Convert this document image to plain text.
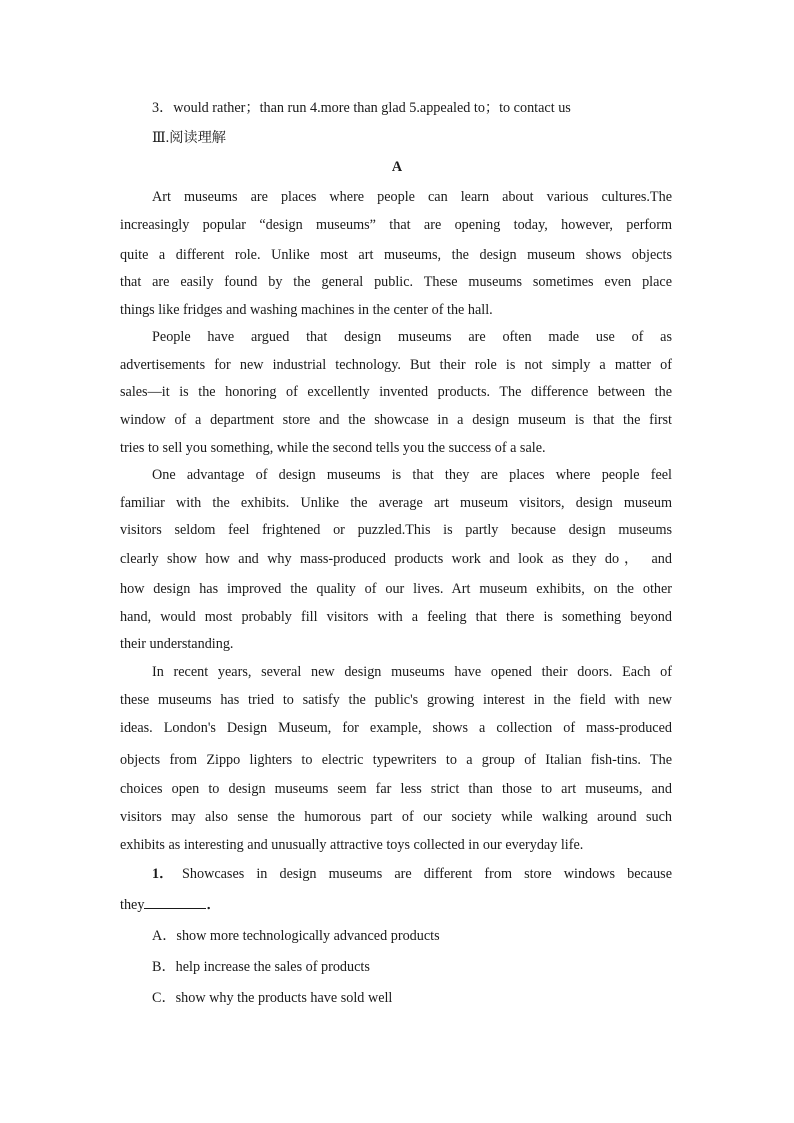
3．would rather；than run 4.more than glad 5.appealed to；to contact us
Ⅲ.阅读理解
A
Art museums are places where people can learn about various cultures.The
increasingly popular “design museums” that are opening today, however, perform
quite a different role. Unlike most art museums, the design museum shows objects
that are easily found by the general public. These museums sometimes even place
things like fridges and washing machines in the center of the hall.
People have argued that design museums are often made use of as
advertisements for new industrial technology. But their role is not simply a matter of
sales—it is the honoring of excellently invented products. The difference between the
window of a department store and the showcase in a design museum is that the first
tries to sell you something, while the second tells you the success of a sale.
One advantage of design museums is that they are places where people feel
familiar with the exhibits. Unlike the average art museum visitors, design museum
visitors seldom feel frightened or puzzled.This is partly because design museums
clearly show how and why mass-produced products work and look as they do， and
how design has improved the quality of our lives. Art museum exhibits, on the other
hand, would most probably fill visitors with a feeling that there is something beyond
their understanding.
In recent years, several new design museums have opened their doors. Each of
these museums has tried to satisfy the public's growing interest in the field with new
ideas. London's Design Museum, for example, shows a collection of mass-produced
objects from Zippo lighters to electric typewriters to a group of Italian fish-tins. The
choices open to design museums seem far less strict than those to art museums, and
visitors may also sense the humorous part of our society while walking around such
exhibits as interesting and unusually attractive toys collected in our everyday life.
1． Showcases in design museums are different from store windows because
they	．
A．show more technologically advanced products
B．help increase the sales of products
C．show why the products have sold well
